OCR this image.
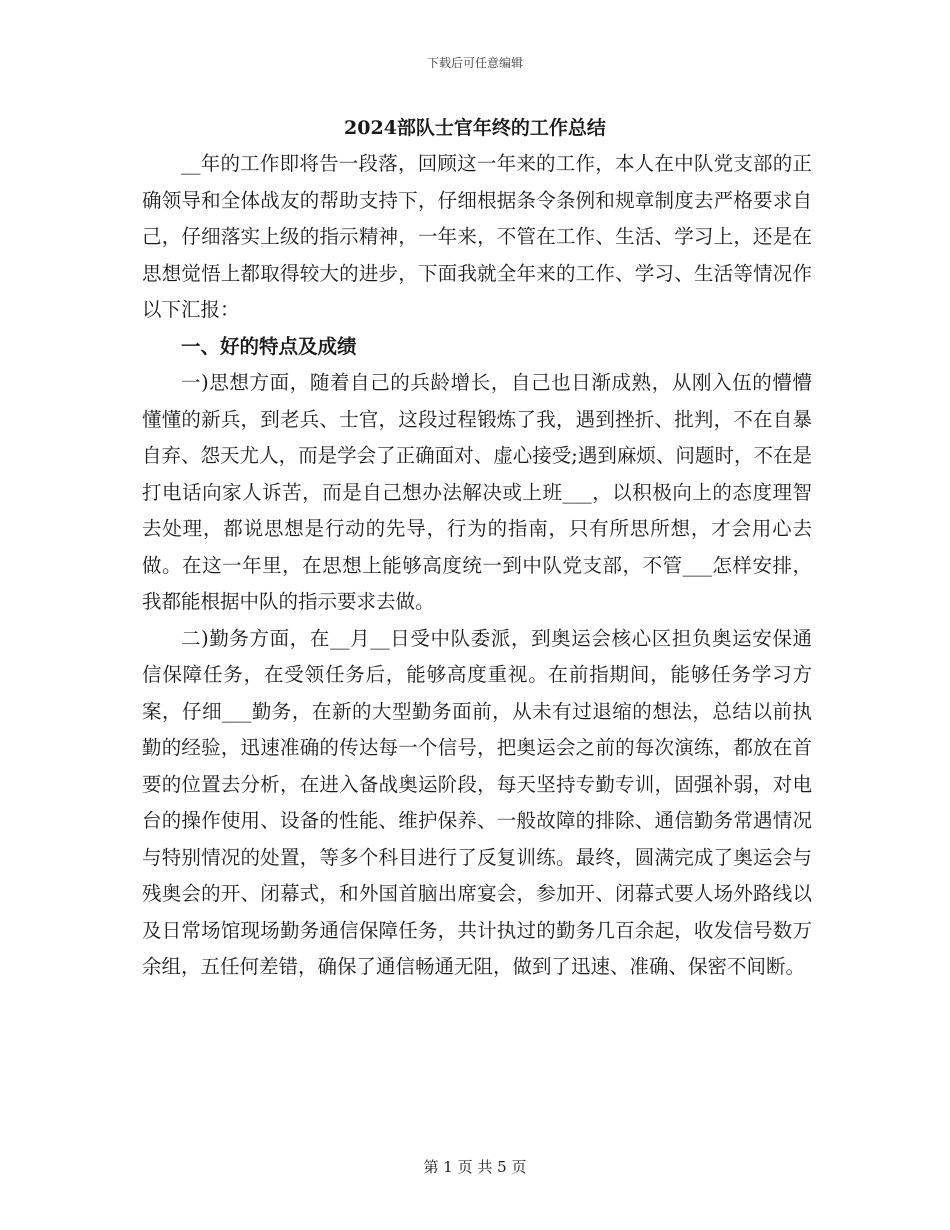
下载后可任意编辑
2024部队士官年终的工作总结

__年的工作即将告一段落，回顾这一年来的工作，本人在中队党支部的正确领导和全体战友的帮助支持下，仔细根据条令条例和规章制度去严格要求自己，仔细落实上级的指示精神，一年来，不管在工作、生活、学习上，还是在思想觉悟上都取得较大的进步，下面我就全年来的工作、学习、生活等情况作以下汇报：

一、好的特点及成绩

一)思想方面，随着自己的兵龄增长，自己也日渐成熟，从刚入伍的懵懵懂懂的新兵，到老兵、士官，这段过程锻炼了我，遇到挫折、批判，不在自暴自弃、怨天尤人，而是学会了正确面对、虚心接受;遇到麻烦、问题时，不在是打电话向家人诉苦，而是自己想办法解决或上班___，以积极向上的态度理智去处理，都说思想是行动的先导，行为的指南，只有所思所想，才会用心去做。在这一年里，在思想上能够高度统一到中队党支部，不管___怎样安排，我都能根据中队的指示要求去做。

二)勤务方面，在__月__日受中队委派，到奥运会核心区担负奥运安保通信保障任务，在受领任务后，能够高度重视。在前指期间，能够任务学习方案，仔细___勤务，在新的大型勤务面前，从未有过退缩的想法，总结以前执勤的经验，迅速准确的传达每一个信号，把奥运会之前的每次演练，都放在首要的位置去分析，在进入备战奥运阶段，每天坚持专勤专训，固强补弱，对电台的操作使用、设备的性能、维护保养、一般故障的排除、通信勤务常遇情况与特别情况的处置，等多个科目进行了反复训练。最终，圆满完成了奥运会与残奥会的开、闭幕式，和外国首脑出席宴会，参加开、闭幕式要人场外路线以及日常场馆现场勤务通信保障任务，共计执过的勤务几百余起，收发信号数万余组，五任何差错，确保了通信畅通无阻，做到了迅速、准确、保密不间断。

第 1 页 共 5 页
